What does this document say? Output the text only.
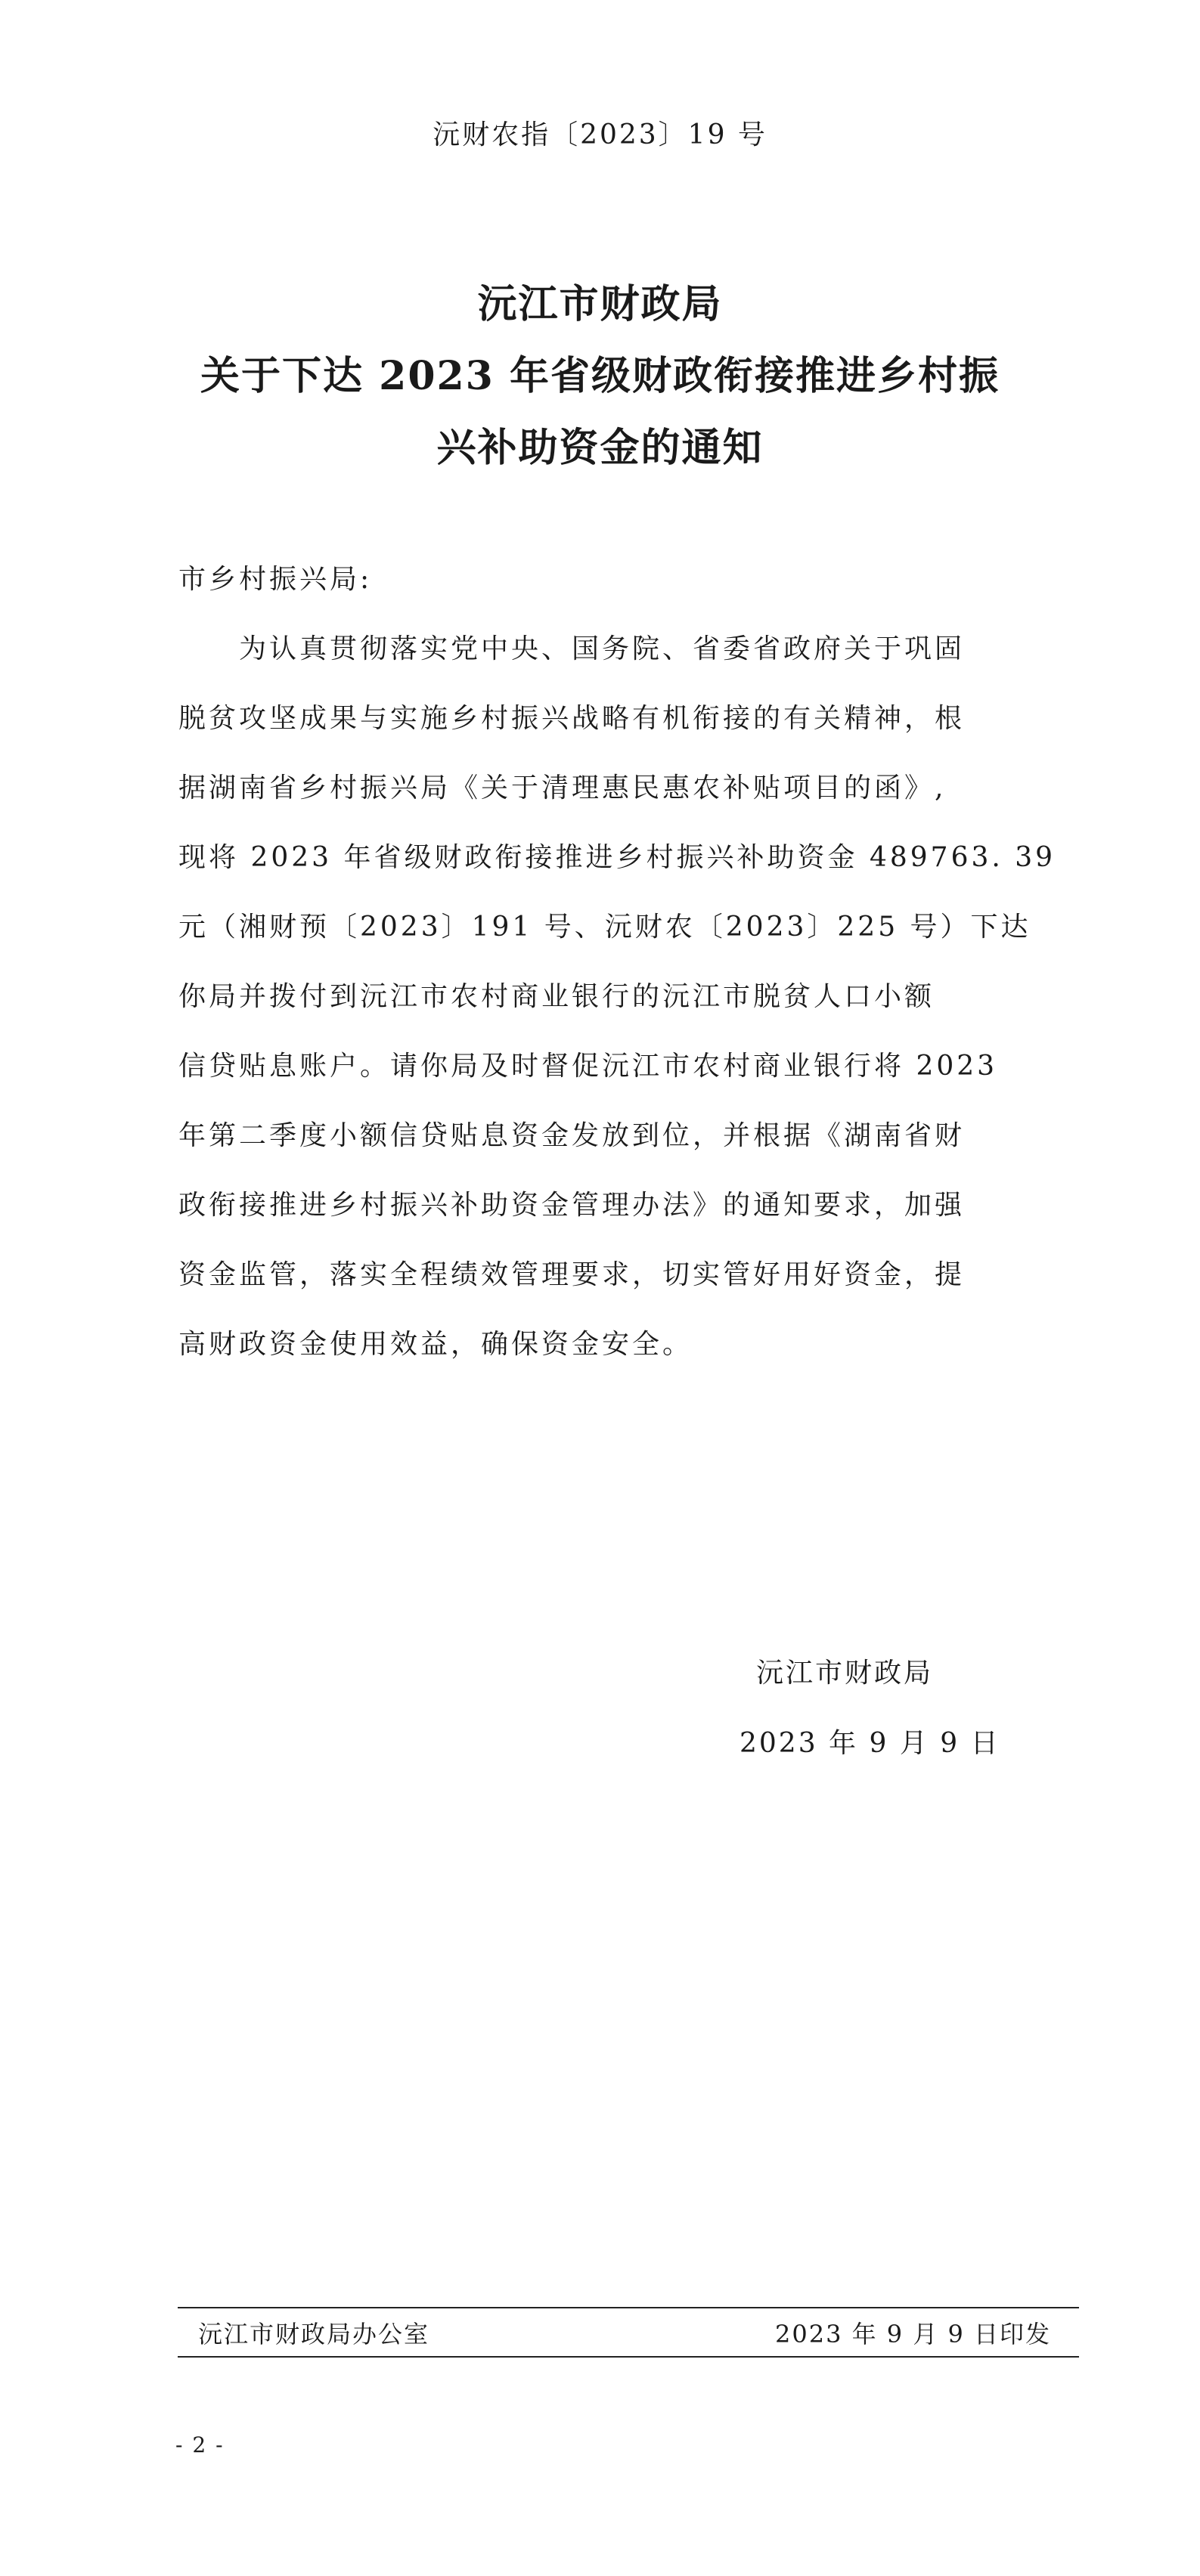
沅财农指〔2023〕19 号
沅江市财政局
关于下达 2023 年省级财政衔接推进乡村振
兴补助资金的通知
市乡村振兴局:
为认真贯彻落实党中央、国务院、省委省政府关于巩固
脱贫攻坚成果与实施乡村振兴战略有机衔接的有关精神，根
据湖南省乡村振兴局《关于清理惠民惠农补贴项目的函》,
现将 2023 年省级财政衔接推进乡村振兴补助资金 489763. 39
元（湘财预〔2023〕191 号、沅财农〔2023〕225 号）下达
你局并拨付到沅江市农村商业银行的沅江市脱贫人口小额
信贷贴息账户。请你局及时督促沅江市农村商业银行将 2023
年第二季度小额信贷贴息资金发放到位，并根据《湖南省财
政衔接推进乡村振兴补助资金管理办法》的通知要求，加强
资金监管，落实全程绩效管理要求，切实管好用好资金，提
高财政资金使用效益，确保资金安全。
沅江市财政局
2023 年 9 月 9 日
沅江市财政局办公室	2023 年 9 月 9 日印发
- 2 -
